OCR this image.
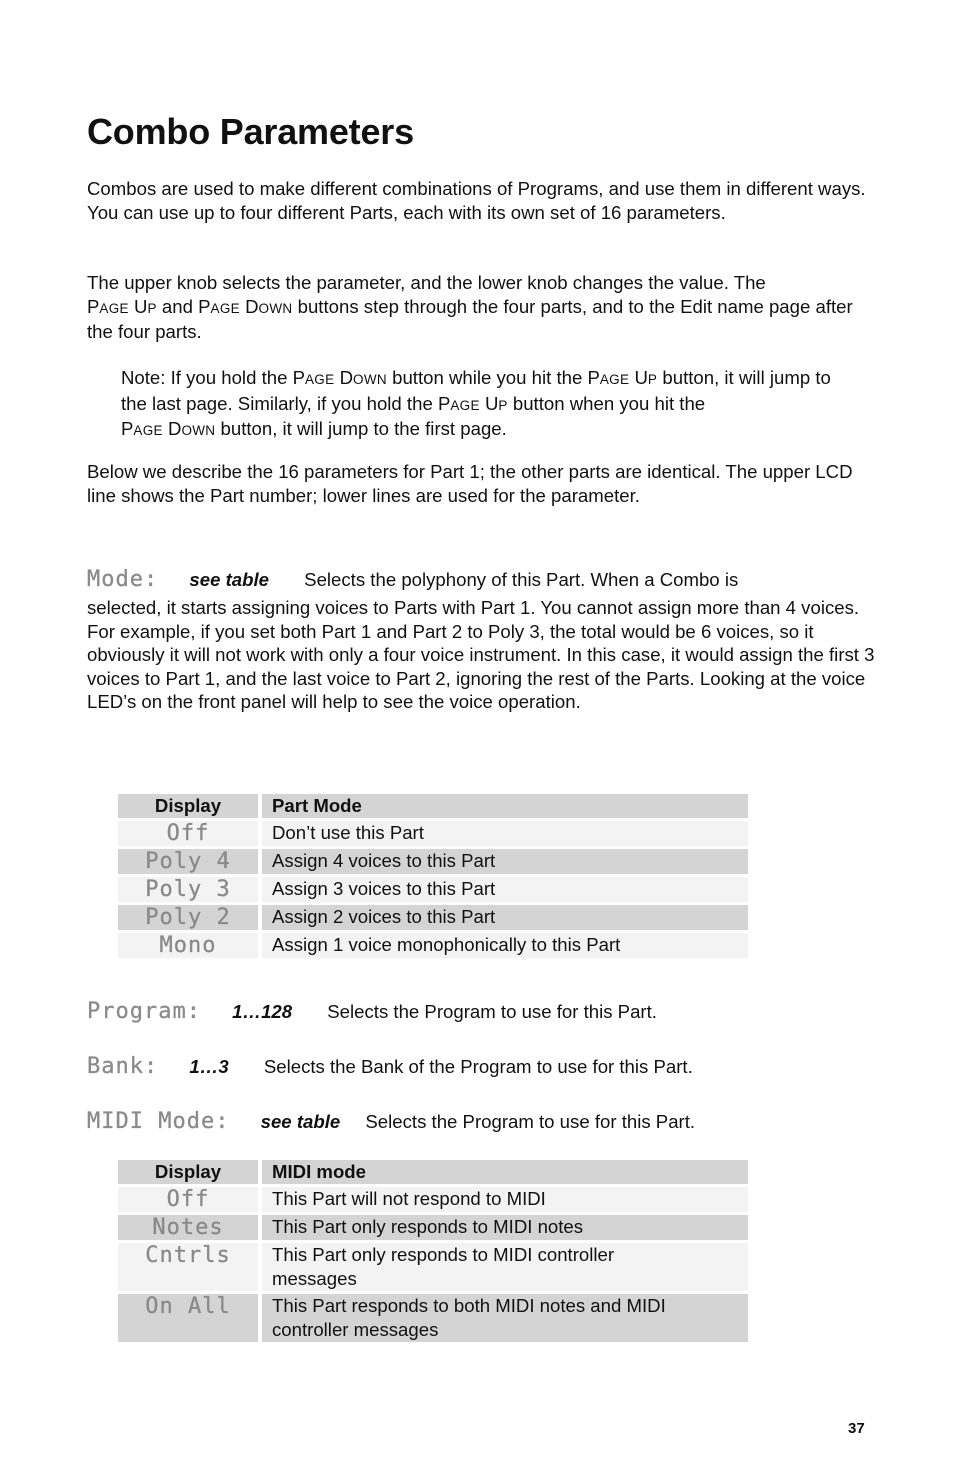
Combo Parameters

Combos are used to make different combinations of Programs, and use them in different ways. You can use up to four different Parts, each with its own set of 16 parameters.

The upper knob selects the parameter, and the lower knob changes the value. The
PAGE UP and PAGE DOWN buttons step through the four parts, and to the Edit name page after the four parts.

Note: If you hold the PAGE DOWN button while you hit the PAGE UP button, it will jump to the last page. Similarly, if you hold the PAGE UP button when you hit the
PAGE DOWN button, it will jump to the first page.

Below we describe the 16 parameters for Part 1; the other parts are identical. The upper LCD line shows the Part number; lower lines are used for the parameter.

Mode: see table Selects the polyphony of this Part. When a Combo is

selected, it starts assigning voices to Parts with Part 1. You cannot assign more than 4 voices. For example, if you set both Part 1 and Part 2 to Poly 3, the total would be 6 voices, so it obviously it will not work with only a four voice instrument. In this case, it would assign the first 3 voices to Part 1, and the last voice to Part 2, ignoring the rest of the Parts. Looking at the voice LED’s on the front panel will help to see the voice operation.

Display		Part Mode
Off		Don’t use this Part
Poly 4		Assign 4 voices to this Part
Poly 3		Assign 3 voices to this Part
Poly 2		Assign 2 voices to this Part
Mono		Assign 1 voice monophonically to this Part
Program: 1…128 Selects the Program to use for this Part.
Bank: 1…3 Selects the Bank of the Program to use for this Part.
MIDI Mode: see table Selects the Program to use for this Part.
Display		MIDI mode
Off		This Part will not respond to MIDI
Notes		This Part only responds to MIDI notes
Cntrls		This Part only responds to MIDI controller messages
On All		This Part responds to both MIDI notes and MIDI controller messages
37
